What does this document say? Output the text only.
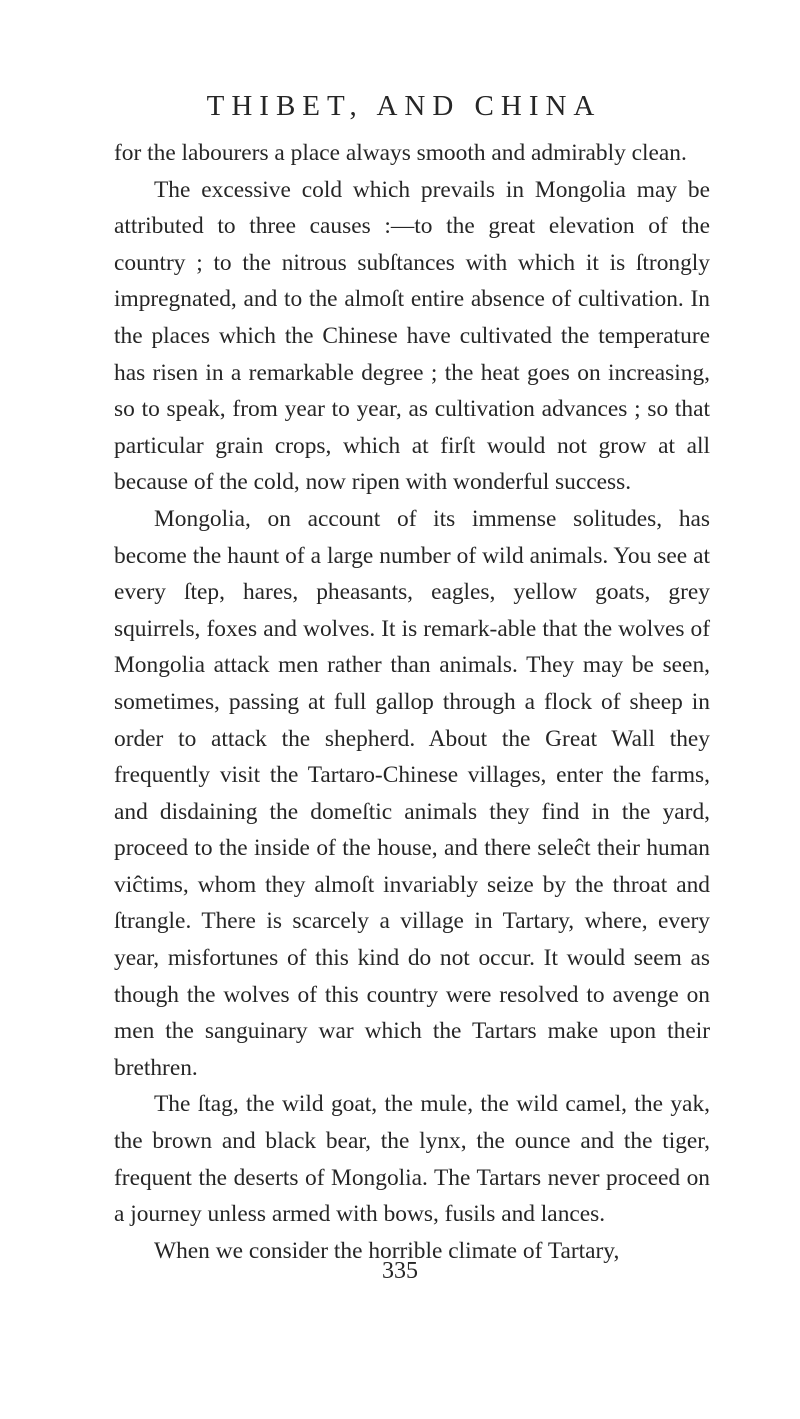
THIBET, AND CHINA

for the labourers a place always smooth and admirably clean.

The excessive cold which prevails in Mongolia may be attributed to three causes :—to the great elevation of the country ; to the nitrous subſtances with which it is ſtrongly impregnated, and to the almoſt entire absence of cultivation. In the places which the Chinese have cultivated the temperature has risen in a remarkable degree ; the heat goes on increasing, so to speak, from year to year, as cultivation advances ; so that particular grain crops, which at firſt would not grow at all because of the cold, now ripen with wonderful success.

Mongolia, on account of its immense solitudes, has become the haunt of a large number of wild animals. You see at every ſtep, hares, pheasants, eagles, yellow goats, grey squirrels, foxes and wolves. It is remark-able that the wolves of Mongolia attack men rather than animals. They may be seen, sometimes, passing at full gallop through a flock of sheep in order to attack the shepherd. About the Great Wall they frequently visit the Tartaro-Chinese villages, enter the farms, and disdaining the domeſtic animals they find in the yard, proceed to the inside of the house, and there seleĉt their human viĉtims, whom they almoſt invariably seize by the throat and ſtrangle. There is scarcely a village in Tartary, where, every year, misfortunes of this kind do not occur. It would seem as though the wolves of this country were resolved to avenge on men the sanguinary war which the Tartars make upon their brethren.

The ſtag, the wild goat, the mule, the wild camel, the yak, the brown and black bear, the lynx, the ounce and the tiger, frequent the deserts of Mongolia. The Tartars never proceed on a journey unless armed with bows, fusils and lances.

When we consider the horrible climate of Tartary,

335
